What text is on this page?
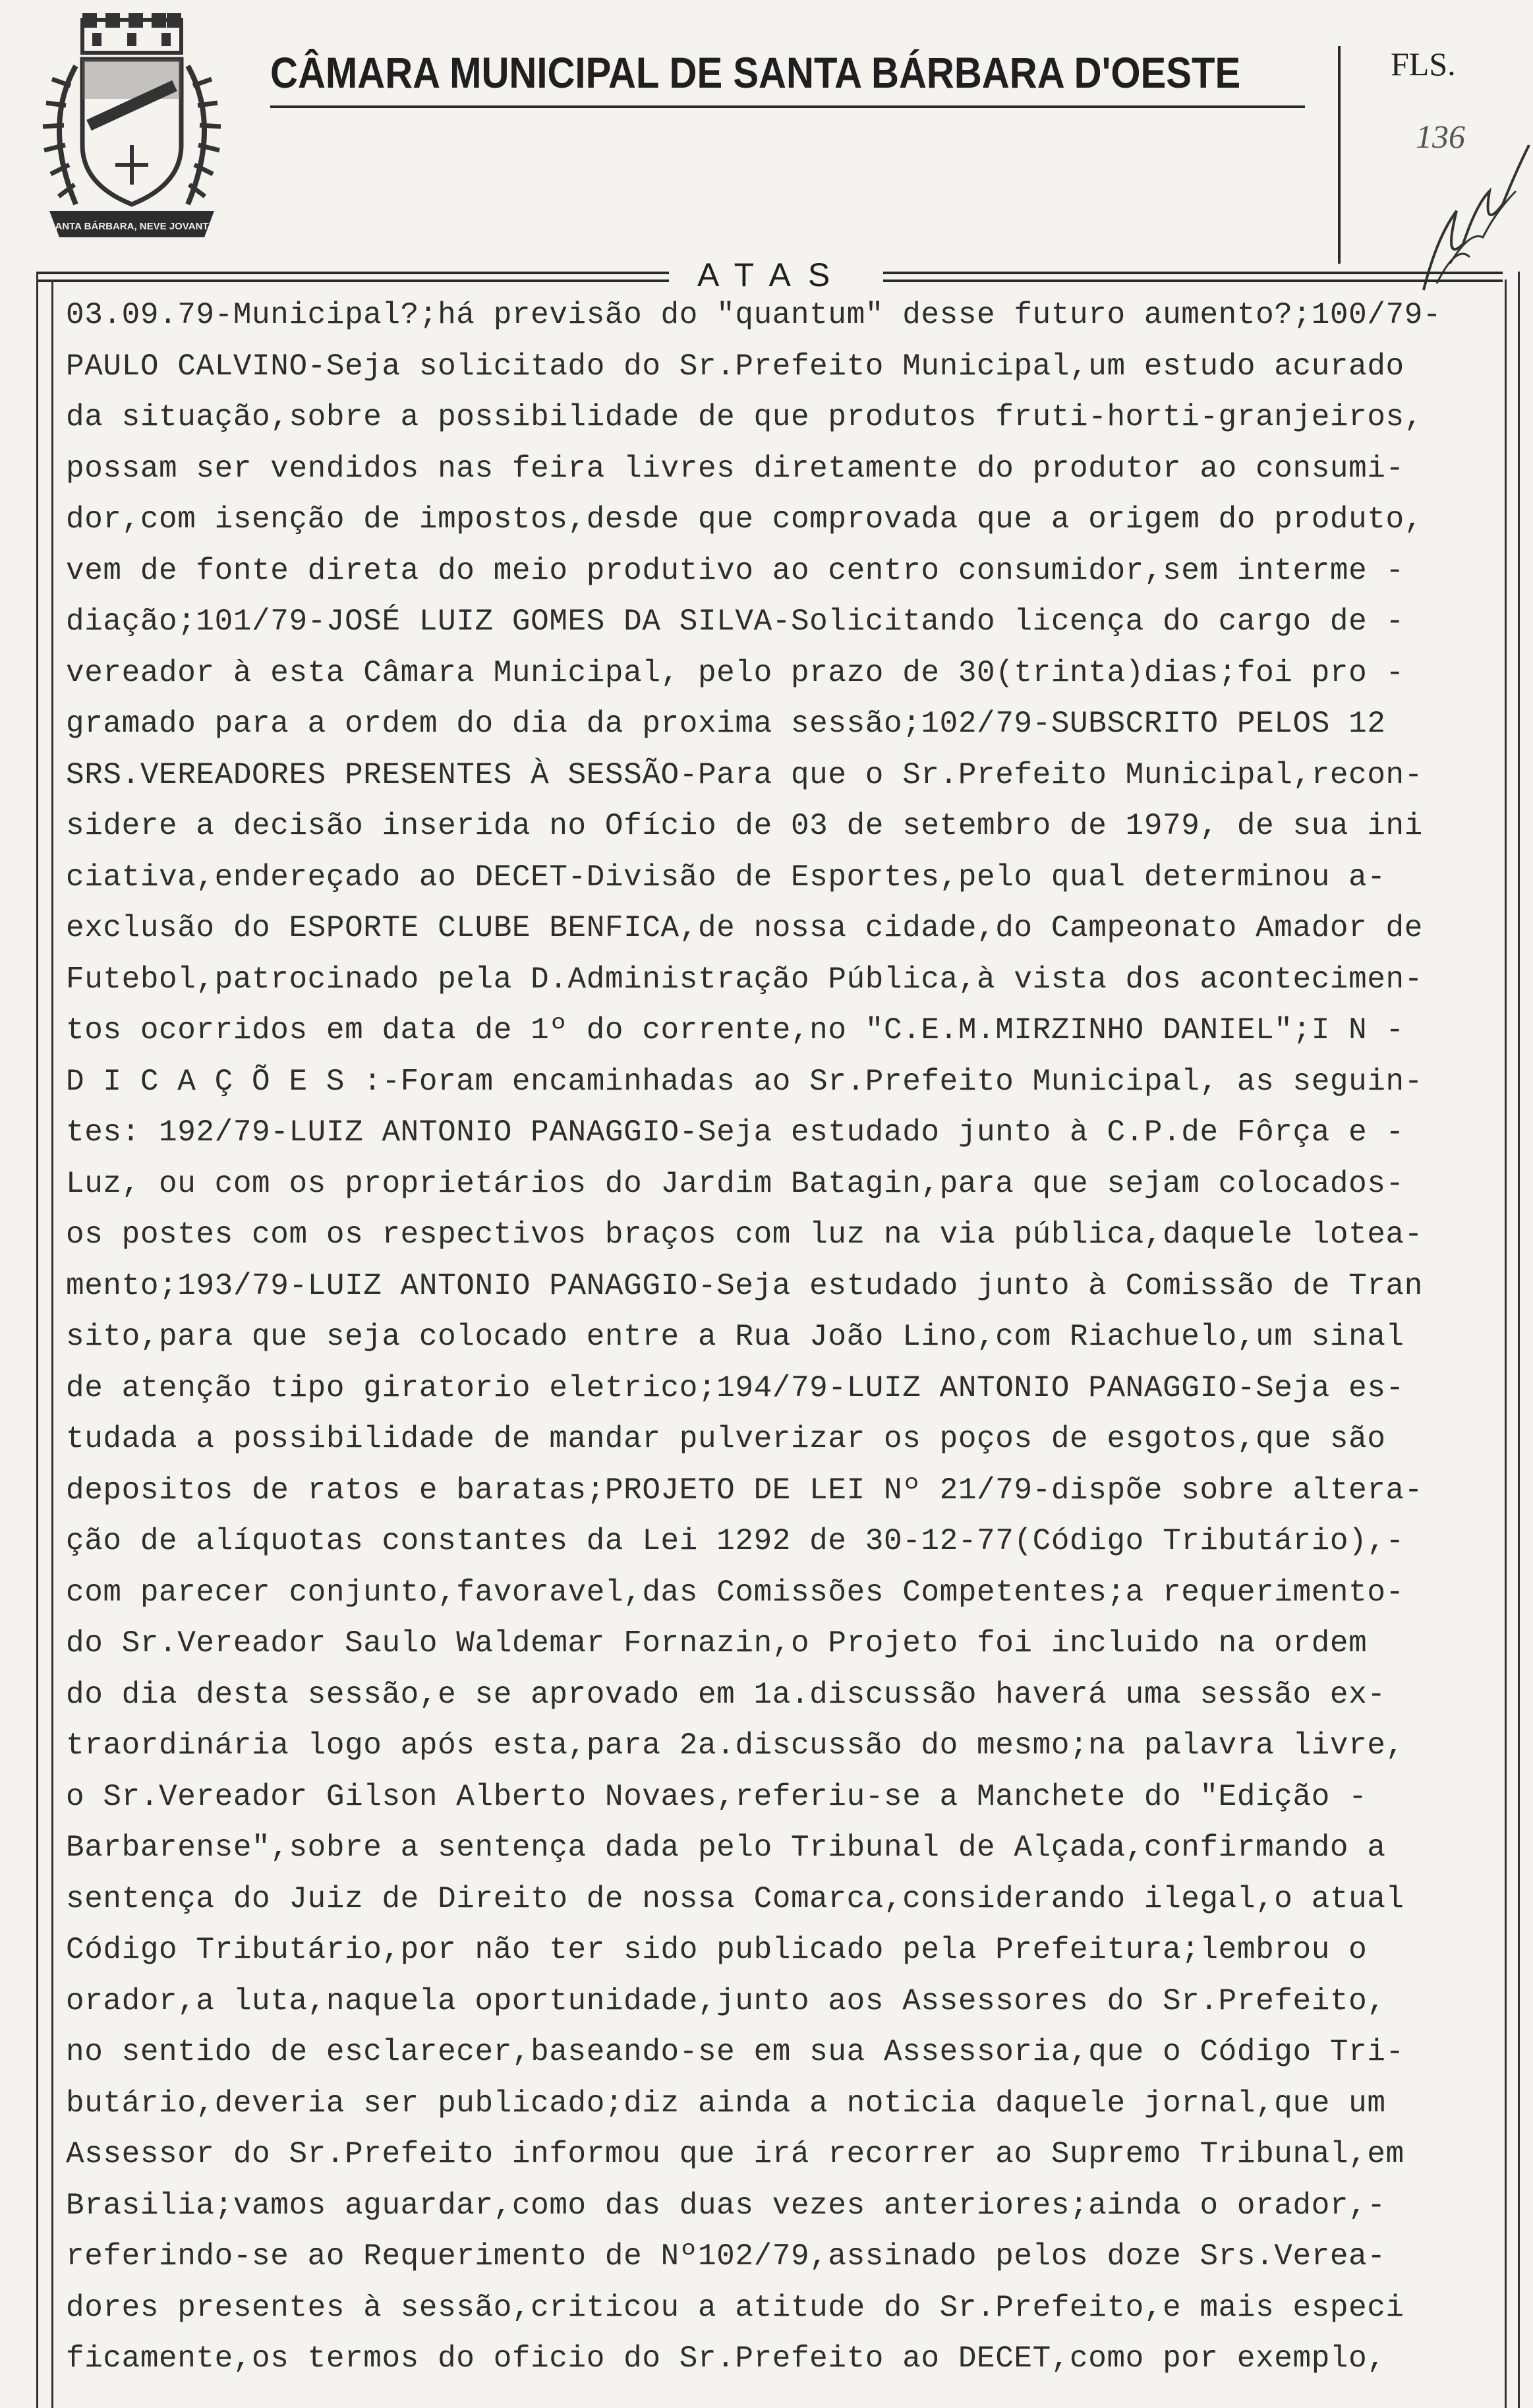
SANTA BÁRBARA, NEVE JOVANTE
CÂMARA MUNICIPAL DE SANTA BÁRBARA D'OESTE	FLS.
136
ATAS
03.09.79-Municipal?;há previsão do "quantum" desse futuro aumento?;100/79-
PAULO CALVINO-Seja solicitado do Sr.Prefeito Municipal,um estudo acurado
da situação,sobre a possibilidade de que produtos fruti-horti-granjeiros,
possam ser vendidos nas feira livres diretamente do produtor ao consumi-
dor,com isenção de impostos,desde que comprovada que a origem do produto,
vem de fonte direta do meio produtivo ao centro consumidor,sem interme -
diação;101/79-JOSÉ LUIZ GOMES DA SILVA-Solicitando licença do cargo de -
vereador à esta Câmara Municipal, pelo prazo de 30(trinta)dias;foi pro -
gramado para a ordem do dia da proxima sessão;102/79-SUBSCRITO PELOS 12
SRS.VEREADORES PRESENTES À SESSÃO-Para que o Sr.Prefeito Municipal,recon-
sidere a decisão inserida no Ofício de 03 de setembro de 1979, de sua ini
ciativa,endereçado ao DECET-Divisão de Esportes,pelo qual determinou a-
exclusão do ESPORTE CLUBE BENFICA,de nossa cidade,do Campeonato Amador de
Futebol,patrocinado pela D.Administração Pública,à vista dos acontecimen-
tos ocorridos em data de 1º do corrente,no "C.E.M.MIRZINHO DANIEL";I N -
D I C A Ç Õ E S :-Foram encaminhadas ao Sr.Prefeito Municipal, as seguin-
tes: 192/79-LUIZ ANTONIO PANAGGIO-Seja estudado junto à C.P.de Fôrça e -
Luz, ou com os proprietários do Jardim Batagin,para que sejam colocados-
os postes com os respectivos braços com luz na via pública,daquele lotea-
mento;193/79-LUIZ ANTONIO PANAGGIO-Seja estudado junto à Comissão de Tran
sito,para que seja colocado entre a Rua João Lino,com Riachuelo,um sinal
de atenção tipo giratorio eletrico;194/79-LUIZ ANTONIO PANAGGIO-Seja es-
tudada a possibilidade de mandar pulverizar os poços de esgotos,que são
depositos de ratos e baratas;PROJETO DE LEI Nº 21/79-dispõe sobre altera-
ção de alíquotas constantes da Lei 1292 de 30-12-77(Código Tributário),-
com parecer conjunto,favoravel,das Comissões Competentes;a requerimento-
do Sr.Vereador Saulo Waldemar Fornazin,o Projeto foi incluido na ordem
do dia desta sessão,e se aprovado em 1a.discussão haverá uma sessão ex-
traordinária logo após esta,para 2a.discussão do mesmo;na palavra livre,
o Sr.Vereador Gilson Alberto Novaes,referiu-se a Manchete do "Edição -
Barbarense",sobre a sentença dada pelo Tribunal de Alçada,confirmando a
sentença do Juiz de Direito de nossa Comarca,considerando ilegal,o atual
Código Tributário,por não ter sido publicado pela Prefeitura;lembrou o
orador,a luta,naquela oportunidade,junto aos Assessores do Sr.Prefeito,
no sentido de esclarecer,baseando-se em sua Assessoria,que o Código Tri-
butário,deveria ser publicado;diz ainda a noticia daquele jornal,que um
Assessor do Sr.Prefeito informou que irá recorrer ao Supremo Tribunal,em
Brasilia;vamos aguardar,como das duas vezes anteriores;ainda o orador,-
referindo-se ao Requerimento de Nº102/79,assinado pelos doze Srs.Verea-
dores presentes à sessão,criticou a atitude do Sr.Prefeito,e mais especi
ficamente,os termos do oficio do Sr.Prefeito ao DECET,como por exemplo,
